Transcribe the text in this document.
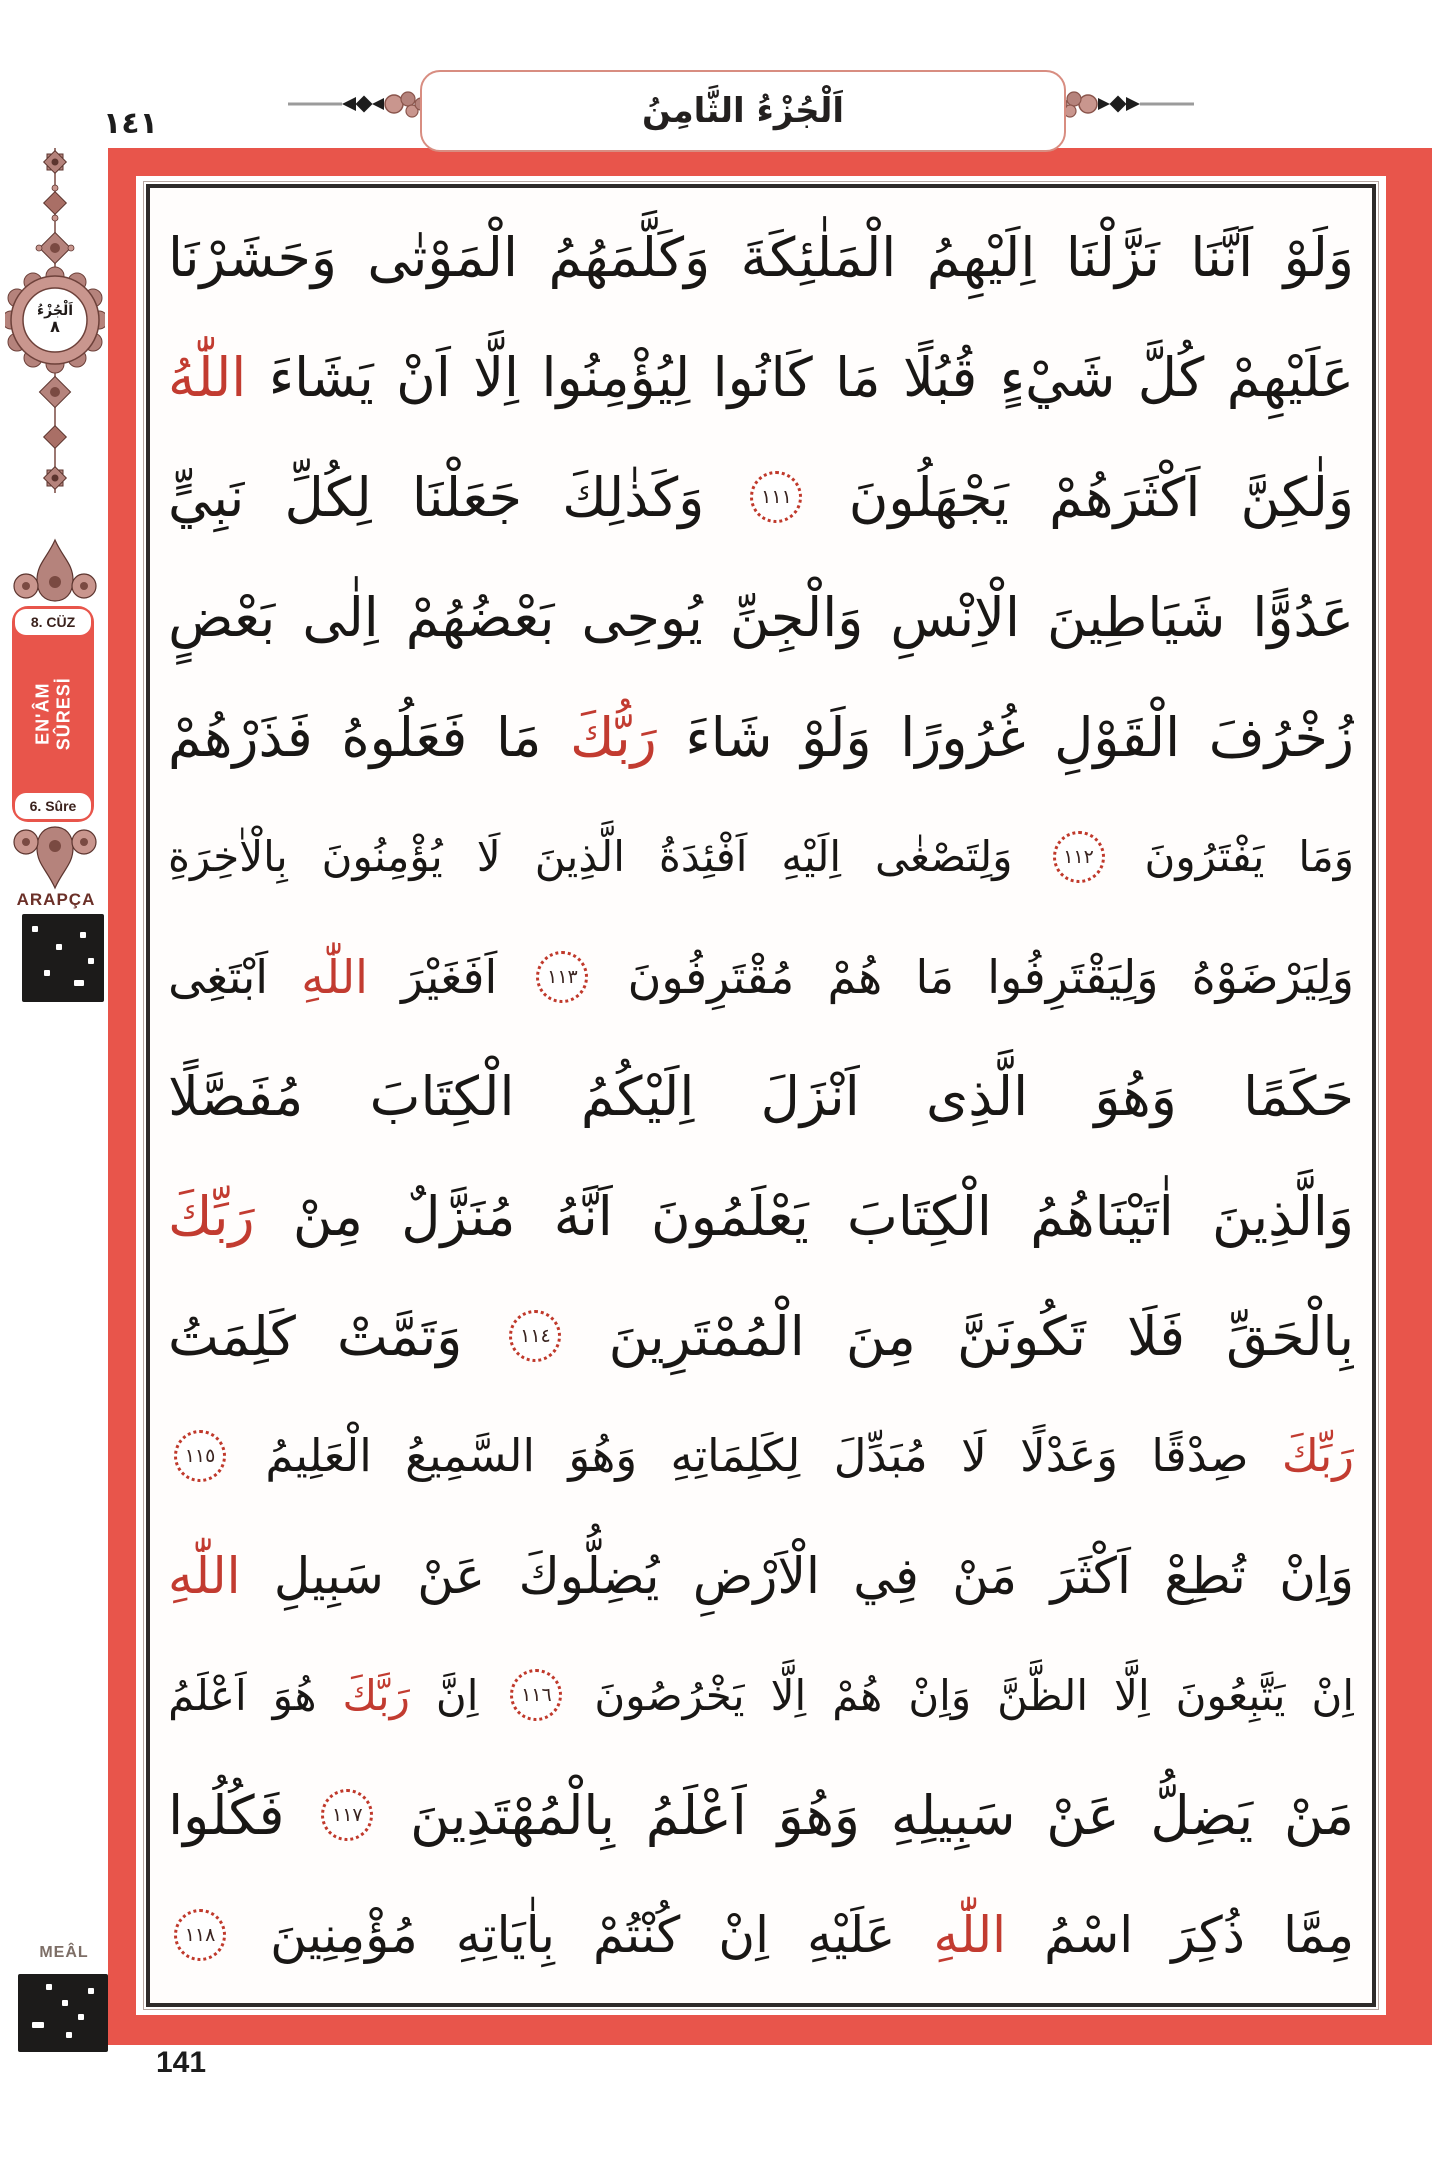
١٤١	اَلْجُزْءُ الثَّامِنُ
اَلْجُزْءُ
٨
8. CÜZ
EN'ÂM SÛRESİ
6. Sûre
ARAPÇA
MEÂL
وَلَوْ
اَنَّنَا
نَزَّلْنَا
اِلَيْهِمُ
الْمَلٰئِكَةَ
وَكَلَّمَهُمُ
الْمَوْتٰى
وَحَشَرْنَا
عَلَيْهِمْ
كُلَّ
شَيْءٍ
قُبُلًا
مَا
كَانُوا
لِيُؤْمِنُوا
اِلَّا
اَنْ
يَشَاءَ
اللّٰهُ
وَلٰكِنَّ
اَكْثَرَهُمْ
يَجْهَلُونَ
١١١
وَكَذٰلِكَ
جَعَلْنَا
لِكُلِّ
نَبِيٍّ
عَدُوًّا
شَيَاطِينَ
الْاِنْسِ
وَالْجِنِّ
يُوحِى
بَعْضُهُمْ
اِلٰى
بَعْضٍ
زُخْرُفَ
الْقَوْلِ
غُرُورًا
وَلَوْ
شَاءَ
رَبُّكَ
مَا
فَعَلُوهُ
فَذَرْهُمْ
وَمَا
يَفْتَرُونَ
١١٢
وَلِتَصْغٰى
اِلَيْهِ
اَفْئِدَةُ
الَّذِينَ
لَا
يُؤْمِنُونَ
بِالْاٰخِرَةِ
وَلِيَرْضَوْهُ
وَلِيَقْتَرِفُوا
مَا
هُمْ
مُقْتَرِفُونَ
١١٣
اَفَغَيْرَ
اللّٰهِ
اَبْتَغِى
حَكَمًا
وَهُوَ
الَّذِى
اَنْزَلَ
اِلَيْكُمُ
الْكِتَابَ
مُفَصَّلًا
وَالَّذِينَ
اٰتَيْنَاهُمُ
الْكِتَابَ
يَعْلَمُونَ
اَنَّهُ
مُنَزَّلٌ
مِنْ
رَبِّكَ
بِالْحَقِّ
فَلَا
تَكُونَنَّ
مِنَ
الْمُمْتَرِينَ
١١٤
وَتَمَّتْ
كَلِمَتُ
رَبِّكَ
صِدْقًا
وَعَدْلًا
لَا
مُبَدِّلَ
لِكَلِمَاتِهِ
وَهُوَ
السَّمِيعُ
الْعَلِيمُ
١١٥
وَاِنْ
تُطِعْ
اَكْثَرَ
مَنْ
فِي
الْاَرْضِ
يُضِلُّوكَ
عَنْ
سَبِيلِ
اللّٰهِ
اِنْ
يَتَّبِعُونَ
اِلَّا
الظَّنَّ
وَاِنْ
هُمْ
اِلَّا
يَخْرُصُونَ
١١٦
اِنَّ
رَبَّكَ
هُوَ
اَعْلَمُ
مَنْ
يَضِلُّ
عَنْ
سَبِيلِهِ
وَهُوَ
اَعْلَمُ
بِالْمُهْتَدِينَ
١١٧
فَكُلُوا
مِمَّا
ذُكِرَ
اسْمُ
اللّٰهِ
عَلَيْهِ
اِنْ
كُنْتُمْ
بِاٰيَاتِهِ
مُؤْمِنِينَ
١١٨
141
